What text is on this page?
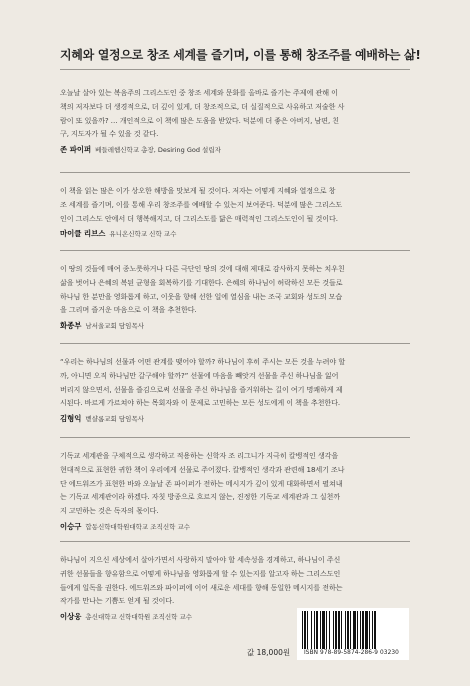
지혜와 열정으로 창조 세계를 즐기며, 이를 통해 창조주를 예배하는 삶!

오늘날 살아 있는 복음주의 그리스도인 중 창조 세계와 문화를 올바로 즐기는 주제에 관해 이
책의 저자보다 더 생경적으로, 더 깊이 있게, 더 창조적으로, 더 실질적으로 사유하고 저술한 사
람이 또 있을까? … 개인적으로 이 책에 많은 도움을 받았다. 덕분에 더 좋은 아버지, 남편, 친
구, 지도자가 될 수 있을 것 같다.

존 파이퍼 베들레헴신학교 총장, Desiring God 설립자

이 책을 읽는 많은 이가 상오한 해방을 맛보게 될 것이다. 저자는 어떻게 지혜와 열정으로 창
조 세계를 즐기며, 이를 통해 우리 창조주를 예배할 수 있는지 보여준다. 덕분에 많은 그리스도
인이 그리스도 안에서 더 행복해지고, 더 그리스도를 닮은 매력적인 그리스도인이 될 것이다.

마이클 리브스 유니온신학교 신학 교수

이 땅의 것들에 매여 종노릇하거나 다른 극단인 땅의 것에 대해 제대로 감사하지 못하는 치우친
삶을 벗어나 은혜의 복된 균형을 회복하기를 기대한다. 은혜의 하나님이 허락하신 모든 것들로
하나님 한 분만을 영화롭게 하고, 이웃을 향해 선한 일에 열심을 내는 조국 교회와 성도의 모습
을 그리며 즐거운 마음으로 이 책을 추천한다.

화종부 남서울교회 담임목사

“우리는 하나님의 선물과 어떤 관계를 맺어야 할까? 하나님이 후히 주시는 모든 것을 누려야 할
까, 아니면 오직 하나님만 갈구해야 할까?” 선물에 마음을 빼앗겨 선물을 주신 하나님을 잃어
버리지 않으면서, 선물을 즐김으로써 선물을 주신 하나님을 즐거워하는 길이 여기 명쾌하게 제
시된다. 바르게 가르쳐야 하는 목회자와 이 문제로 고민하는 모든 성도에게 이 책을 추천한다.

김형익 벧샬롬교회 담임목사

기독교 세계관을 구체적으로 생각하고 적용하는 신학자 조 리그니가 지극히 칼뱅적인 생각을
현대적으로 표현한 귀한 책이 우리에게 선물로 주어졌다. 칼뱅적인 생각과 관련해 18세기 조나
단 에드워즈가 표현한 바와 오늘날 존 파이퍼가 전하는 메시지가 깊이 있게 대화하면서 펼쳐내
는 기독교 세계관이라 하겠다. 자칫 방종으로 흐르지 않는, 진정한 기독교 세계관과 그 실천까
지 고민하는 것은 독자의 몫이다.

이승구 합동신학대학원대학교 조직신학 교수

하나님이 지으신 세상에서 살아가면서 사랑하지 말아야 할 세속성을 경계하고, 하나님이 주신
귀한 선물들을 향유함으로 어떻게 하나님을 영화롭게 할 수 있는지를 알고자 하는 그리스도인
들에게 일독을 권한다. 에드워즈와 파이퍼에 이어 새로운 세대를 향해 동일한 메시지를 전하는
작가를 만나는 기쁨도 얻게 될 것이다.

이상웅 총신대학교 신학대학원 조직신학 교수
값 18,000원 ISBN 978-89-5874-286-9 03230
